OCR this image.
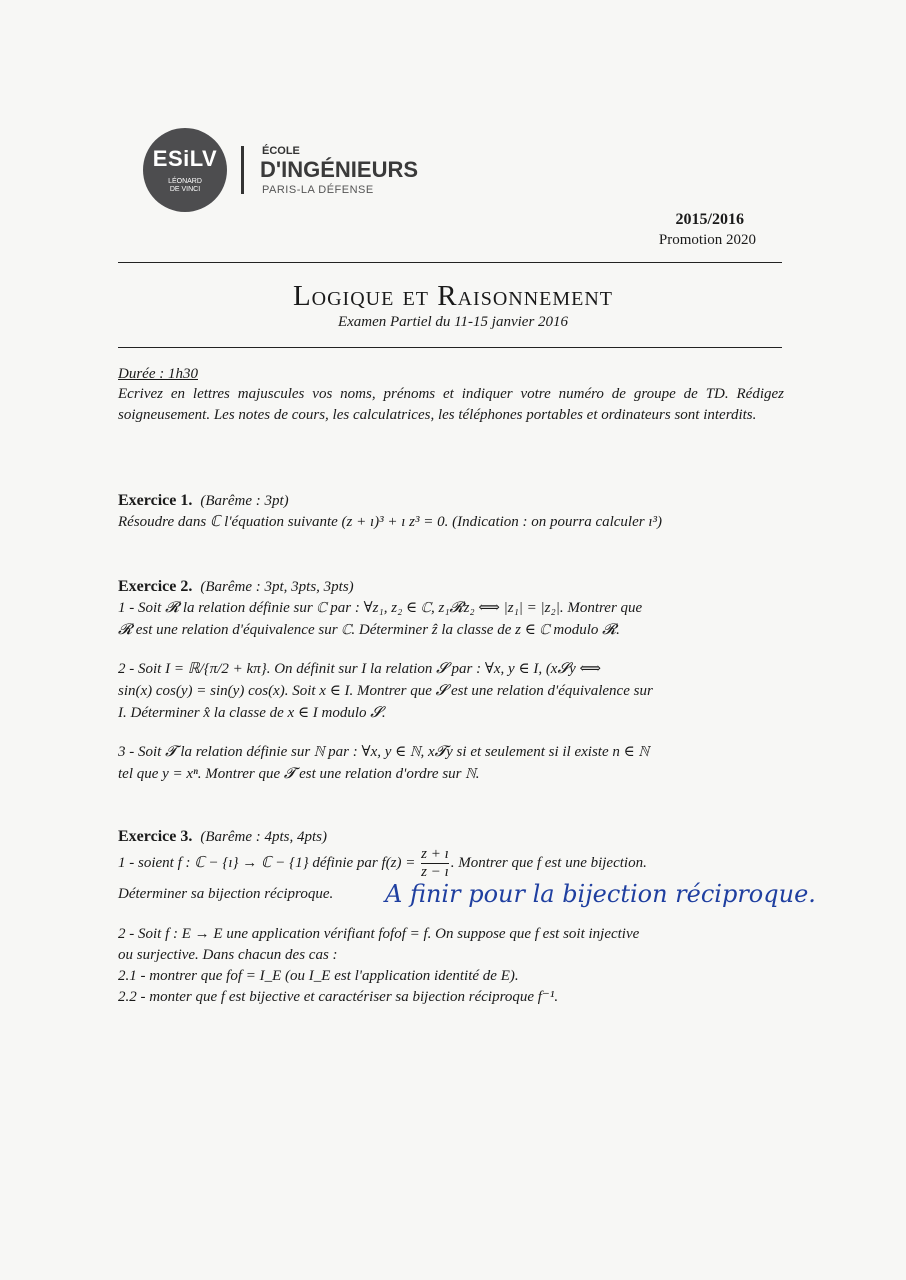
ESiLV
LÉONARD
DE VINCI
ÉCOLE
D'INGÉNIEURS
PARIS-LA DÉFENSE
2015/2016
Promotion 2020
Logique et Raisonnement
Examen Partiel du 11-15 janvier 2016
Durée : 1h30
Ecrivez en lettres majuscules vos noms, prénoms et indiquer votre numéro de groupe de TD. Rédigez soigneusement. Les notes de cours, les calculatrices, les téléphones portables et ordinateurs sont interdits.
Exercice 1. (Barême : 3pt)
Résoudre dans ℂ l'équation suivante (z + ı)³ + ı z³ = 0. (Indication : on pourra calculer ı³)
Exercice 2. (Barême : 3pt, 3pts, 3pts)
1 - Soit 𝓡 la relation définie sur ℂ par : ∀z₁, z₂ ∈ ℂ, z₁𝓡z₂ ⟺ |z₁| = |z₂|. Montrer que
𝓡 est une relation d'équivalence sur ℂ. Déterminer ẑ la classe de z ∈ ℂ modulo 𝓡.
2 - Soit I = ℝ/{π/2 + kπ}. On définit sur I la relation 𝓢 par : ∀x, y ∈ I, (x𝓢y ⟺
sin(x) cos(y) = sin(y) cos(x). Soit x ∈ I. Montrer que 𝓢 est une relation d'équivalence sur
I. Déterminer x̂ la classe de x ∈ I modulo 𝓢.
3 - Soit 𝓣 la relation définie sur ℕ par : ∀x, y ∈ ℕ, x𝓣y si et seulement si il existe n ∈ ℕ
tel que y = xⁿ. Montrer que 𝓣 est une relation d'ordre sur ℕ.
Exercice 3. (Barême : 4pts, 4pts)
1 - soient f : ℂ − {ı} → ℂ − {1} définie par $f(z) = \frac{z + ı}{z - ı}$ . Montrer que f est une bijection.
Déterminer sa bijection réciproque.	A finir pour la bijection réciproque.
2 - Soit f : E → E une application vérifiant fofof = f. On suppose que f est soit injective
ou surjective. Dans chacun des cas :
2.1 - montrer que fof = I_E (ou I_E est l'application identité de E).
2.2 - monter que f est bijective et caractériser sa bijection réciproque f⁻¹.
